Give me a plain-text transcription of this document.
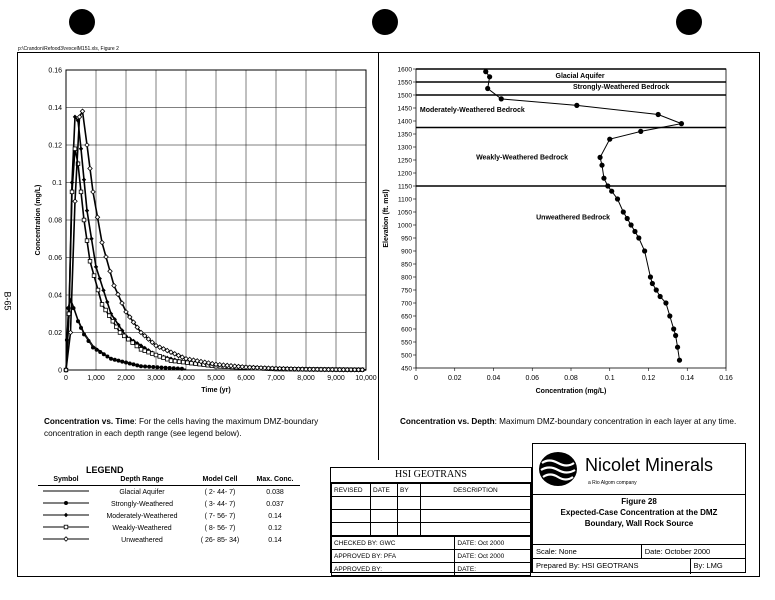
p:\Crandon\Refood3\rexcelM151.xls, Figure 2
B-65
0	1,000 2,000 3,000 4,000 5,000 6,000 7,000 8,000 9,000 10,000
0
0.02
0.04
0.06
0.08
0.1
0.12
0.14
0.16
Time (yr)
Concentration (mg/L)
0	0.02	0.04	0.06	0.08	0.1	0.12	0.14	0.16
450
500
550
600
650
700
750
800
850
900
950
1000
1050
1100
1150
1200
1250
1300
1350
1400
1450
1500
1550
1600
Glacial Aquifer
Strongly-Weathered Bedrock
Moderately-Weathered Bedrock
Weakly-Weathered Bedrock
Unweathered Bedrock
Concentration (mg/L)
Elevation (ft. msl)
Concentration vs. Time: For the cells having the maximum DMZ-boundary concentration in each depth range (see legend below).
Concentration vs. Depth: Maximum DMZ-boundary concentration in each layer at any time.
LEGEND
Symbol	Depth Range	Model Cell	Max. Conc.
Glacial Aquifer	( 2- 44- 7)	0.038
Strongly-Weathered	( 3- 44- 7)	0.037
Moderately-Weathered	( 7- 56- 7)	0.14
Weakly-Weathered	( 8- 56- 7)	0.12
Unweathered	( 26- 85- 34)	0.14
HSI GEOTRANS
REVISED	DATE	BY	DESCRIPTION

CHECKED BY: GWC	DATE: Oct 2000
APPROVED BY: PFA	DATE: Oct 2000
APPROVED BY:	DATE:
Nicolet Minerals
a Rio Algom company
Figure 28
Expected-Case Concentration at the DMZ
Boundary, Wall Rock Source
Scale: None	Date: October 2000
Prepared By: HSI GEOTRANS	By: LMG
